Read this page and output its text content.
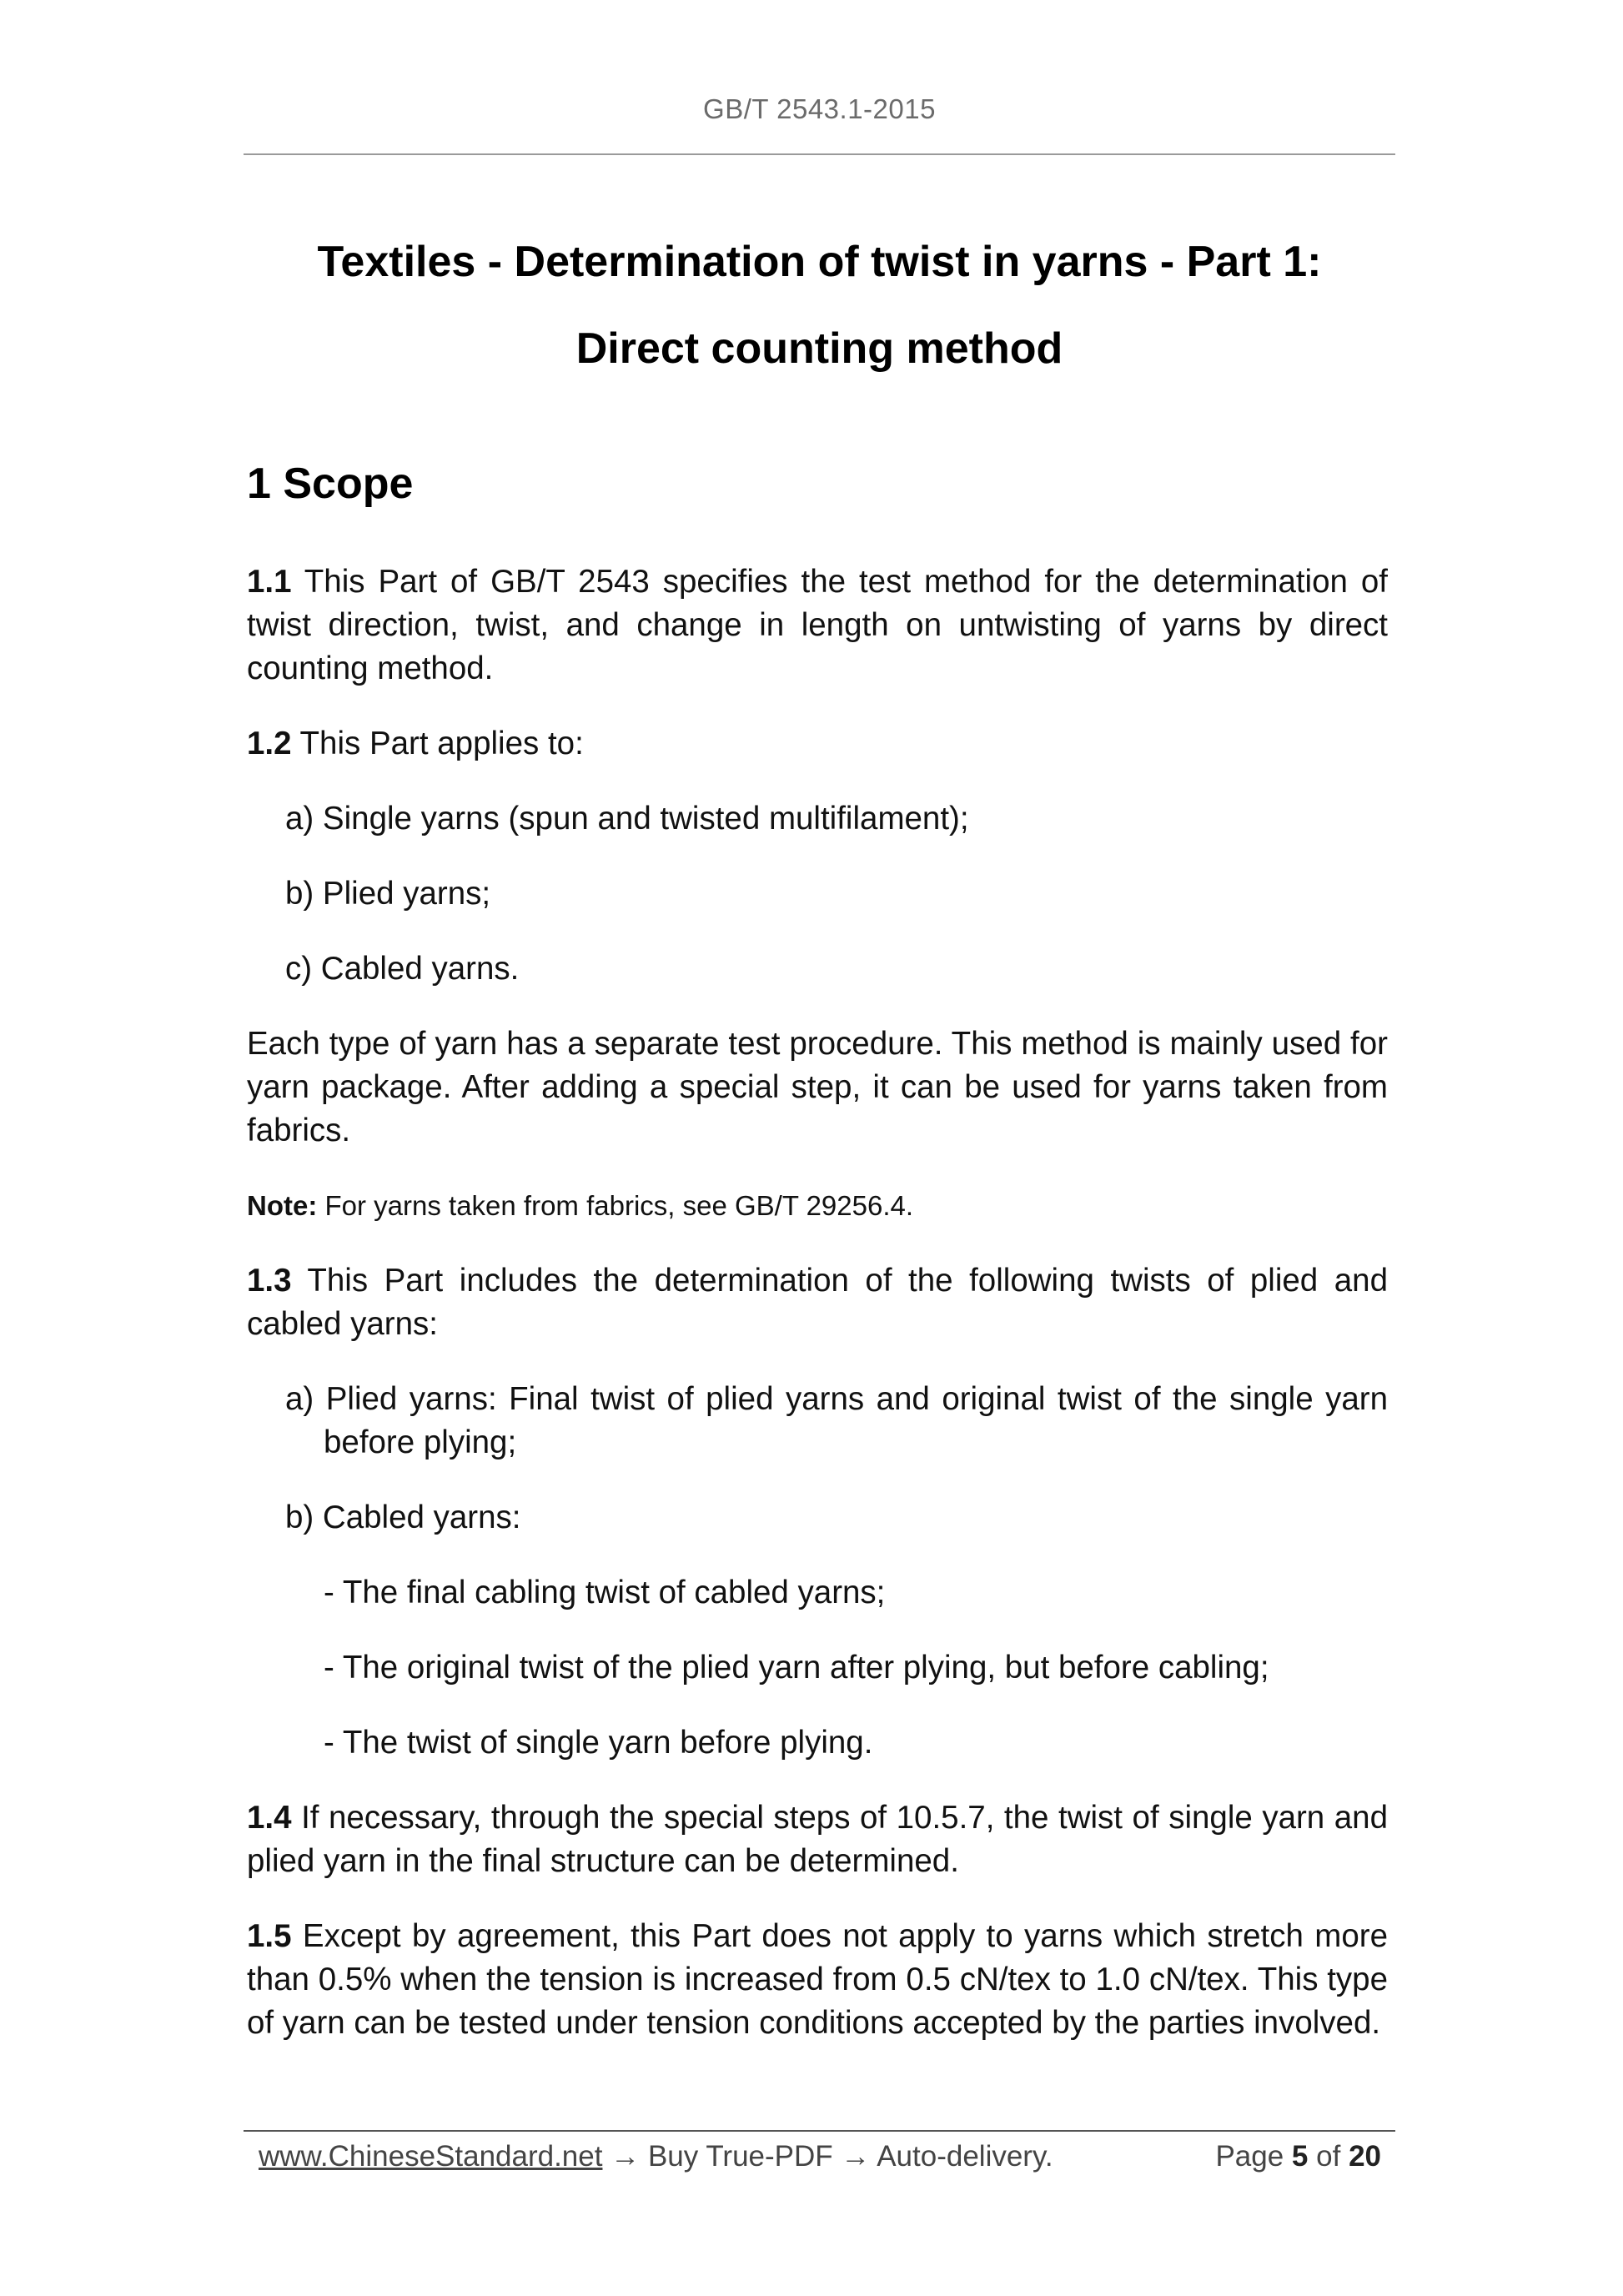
GB/T 2543.1-2015
Textiles - Determination of twist in yarns - Part 1:
Direct counting method
1 Scope

1.1 This Part of GB/T 2543 specifies the test method for the determination of twist direction, twist, and change in length on untwisting of yarns by direct counting method.

1.2 This Part applies to:

a) Single yarns (spun and twisted multifilament);
b) Plied yarns;
c) Cabled yarns.

Each type of yarn has a separate test procedure. This method is mainly used for yarn package. After adding a special step, it can be used for yarns taken from fabrics.

Note: For yarns taken from fabrics, see GB/T 29256.4.

1.3 This Part includes the determination of the following twists of plied and cabled yarns:

a) Plied yarns: Final twist of plied yarns and original twist of the single yarn before plying;
b) Cabled yarns:
- The final cabling twist of cabled yarns;
- The original twist of the plied yarn after plying, but before cabling;
- The twist of single yarn before plying.

1.4 If necessary, through the special steps of 10.5.7, the twist of single yarn and plied yarn in the final structure can be determined.

1.5 Except by agreement, this Part does not apply to yarns which stretch more than 0.5% when the tension is increased from 0.5 cN/tex to 1.0 cN/tex. This type of yarn can be tested under tension conditions accepted by the parties involved.

www.ChineseStandard.net → Buy True-PDF → Auto-delivery.	Page 5 of 20
